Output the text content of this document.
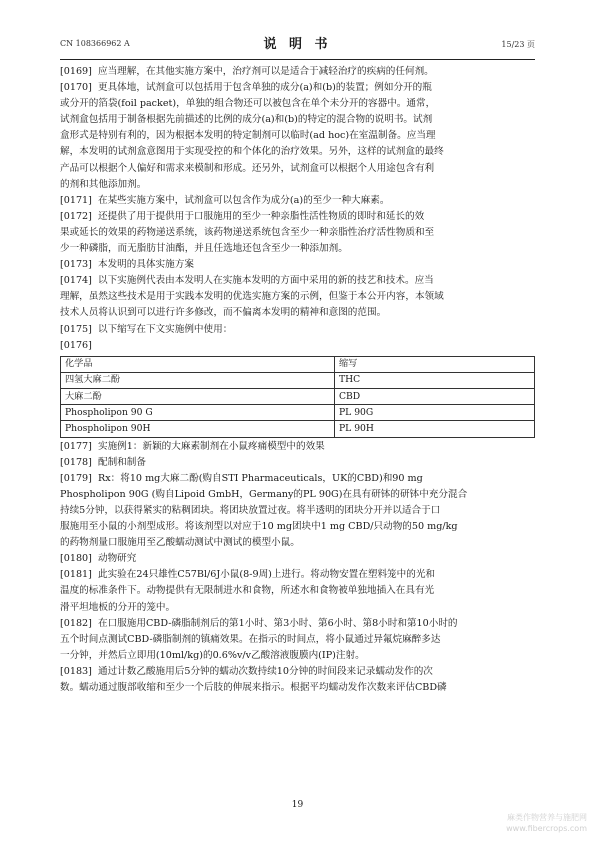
CN 108366962 A	说 明 书	15/23 页
[0169] 应当理解，在其他实施方案中，治疗剂可以是适合于减轻治疗的疾病的任何剂。
[0170] 更具体地，试剂盒可以包括用于包含单独的成分(a)和(b)的装置；例如分开的瓶
或分开的箔袋(foil packet)，单独的组合物还可以被包含在单个未分开的容器中。通常，
试剂盒包括用于制备根据先前描述的比例的成分(a)和(b)的特定的混合物的说明书。试剂
盒形式是特别有利的，因为根据本发明的特定制剂可以临时(ad hoc)在室温制备。应当理
解，本发明的试剂盒意图用于实现受控的和个体化的治疗效果。另外，这样的试剂盒的最终
产品可以根据个人偏好和需求来模制和形成。还另外，试剂盒可以根据个人用途包含有利
的剂和其他添加剂。
[0171] 在某些实施方案中，试剂盒可以包含作为成分(a)的至少一种大麻素。
[0172] 还提供了用于提供用于口服施用的至少一种亲脂性活性物质的即时和延长的效
果或延长的效果的药物递送系统，该药物递送系统包含至少一种亲脂性治疗活性物质和至
少一种磷脂，而无脂肪甘油酯，并且任选地还包含至少一种添加剂。
[0173] 本发明的具体实施方案
[0174] 以下实施例代表由本发明人在实施本发明的方面中采用的新的技艺和技术。应当
理解，虽然这些技术是用于实践本发明的优选实施方案的示例，但鉴于本公开内容，本领域
技术人员将认识到可以进行许多修改，而不偏离本发明的精神和意图的范围。
[0175] 以下缩写在下文实施例中使用：
[0176]
化学品	缩写
四氢大麻二酚	THC
大麻二酚	CBD
Phospholipon 90 G	PL 90G
Phospholipon 90H	PL 90H
[0177] 实施例1：新颖的大麻素制剂在小鼠疼痛模型中的效果
[0178] 配制和制备
[0179] Rx：将10 mg大麻二酚(购自STI Pharmaceuticals，UK的CBD)和90 mg
Phospholipon 90G (购自Lipoid GmbH，Germany的PL 90G)在具有研钵的研钵中充分混合
持续5分钟，以获得紧实的粘稠团块。将团块放置过夜。将半透明的团块分开并以适合于口
服施用至小鼠的小剂型成形。将该剂型以对应于10 mg团块中1 mg CBD/只动物的50 mg/kg
的药物剂量口服施用至乙酸蠕动测试中测试的模型小鼠。
[0180] 动物研究
[0181] 此实验在24只雄性C57Bl/6J小鼠(8-9周)上进行。将动物安置在塑料笼中的光和
温度的标准条件下。动物提供有无限制进水和食物，所述水和食物被单独地插入在具有光
滑平坦地板的分开的笼中。
[0182] 在口服施用CBD-磷脂制剂后的第1小时、第3小时、第6小时、第8小时和第10小时的
五个时间点测试CBD-磷脂制剂的镇痛效果。在指示的时间点，将小鼠通过异氟烷麻醉多达
一分钟，并然后立即用(10ml/kg)的0.6%v/v乙酸溶液腹膜内(IP)注射。
[0183] 通过计数乙酸施用后5分钟的蠕动次数持续10分钟的时间段来记录蠕动发作的次
数。蠕动通过腹部收缩和至少一个后肢的伸展来指示。根据平均蠕动发作次数来评估CBD磷
19
麻类作物营养与施肥网
www.fibercrops.com
